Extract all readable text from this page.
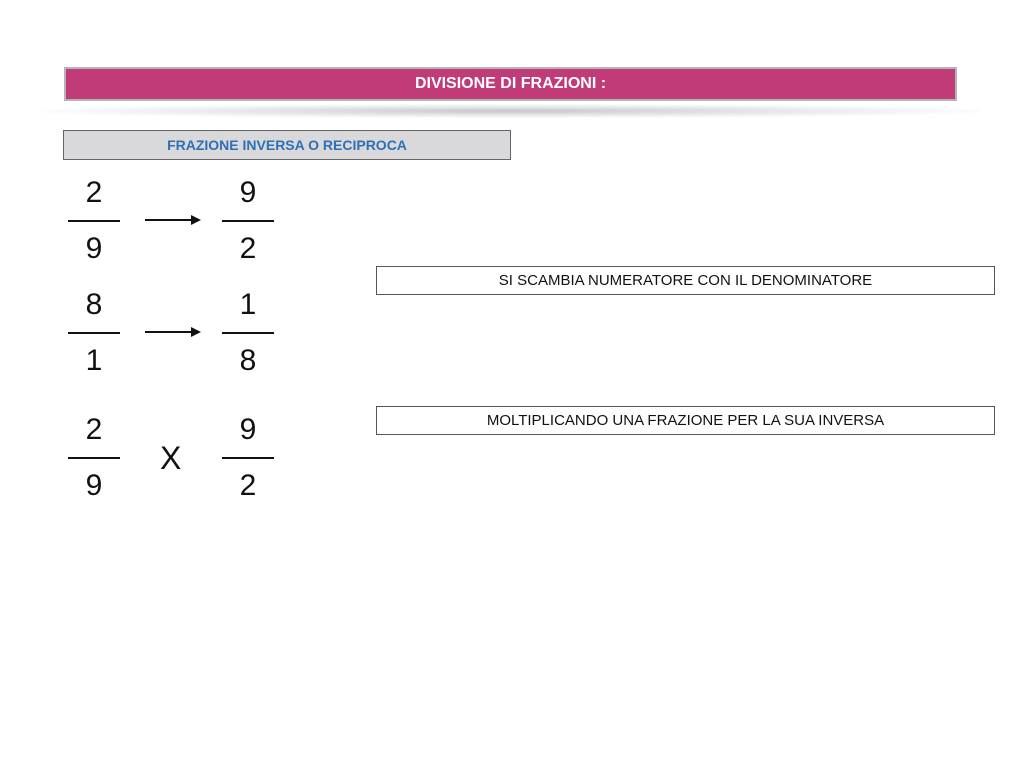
DIVISIONE DI FRAZIONI :
FRAZIONE INVERSA O RECIPROCA
2
9
9
2
8
1
1
8
2
9
X
9
2
SI SCAMBIA NUMERATORE CON IL DENOMINATORE
MOLTIPLICANDO UNA FRAZIONE PER LA SUA INVERSA
